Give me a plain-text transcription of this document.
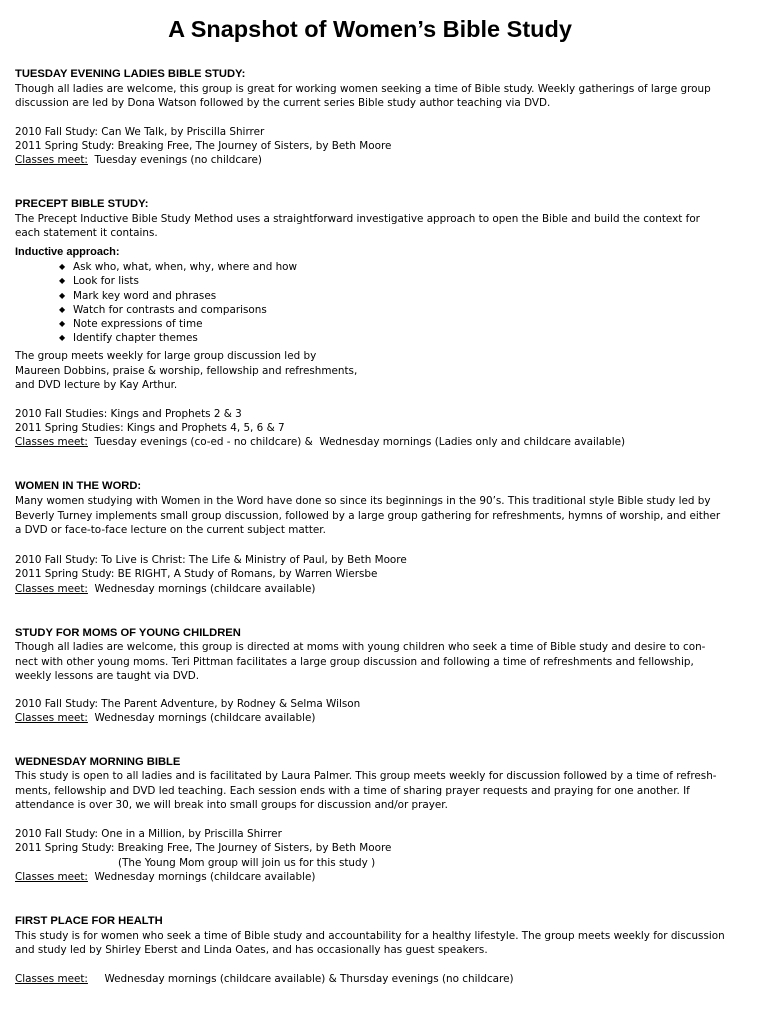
A Snapshot of Women’s Bible Study
TUESDAY EVENING LADIES BIBLE STUDY:
Though all ladies are welcome, this group is great for working women seeking a time of Bible study. Weekly gatherings of large group
discussion are led by Dona Watson followed by the current series Bible study author teaching via DVD.
2010 Fall Study: Can We Talk, by Priscilla Shirrer
2011 Spring Study: Breaking Free, The Journey of Sisters, by Beth Moore
Classes meet:  Tuesday evenings (no childcare)
PRECEPT BIBLE STUDY:
The Precept Inductive Bible Study Method uses a straightforward investigative approach to open the Bible and build the context for
each statement it contains.
Inductive approach:
◆ Ask who, what, when, why, where and how
◆ Look for lists
◆ Mark key word and phrases
◆ Watch for contrasts and comparisons
◆ Note expressions of time
◆ Identify chapter themes
The group meets weekly for large group discussion led by
Maureen Dobbins, praise & worship, fellowship and refreshments,
and DVD lecture by Kay Arthur.
2010 Fall Studies: Kings and Prophets 2 & 3
2011 Spring Studies: Kings and Prophets 4, 5, 6 & 7
Classes meet:  Tuesday evenings (co-ed - no childcare) &  Wednesday mornings (Ladies only and childcare available)
WOMEN IN THE WORD:
Many women studying with Women in the Word have done so since its beginnings in the 90’s. This traditional style Bible study led by
Beverly Turney implements small group discussion, followed by a large group gathering for refreshments, hymns of worship, and either
a DVD or face-to-face lecture on the current subject matter.
2010 Fall Study: To Live is Christ: The Life & Ministry of Paul, by Beth Moore
2011 Spring Study: BE RIGHT, A Study of Romans, by Warren Wiersbe
Classes meet:  Wednesday mornings (childcare available)
STUDY FOR MOMS OF YOUNG CHILDREN
Though all ladies are welcome, this group is directed at moms with young children who seek a time of Bible study and desire to con-
nect with other young moms. Teri Pittman facilitates a large group discussion and following a time of refreshments and fellowship,
weekly lessons are taught via DVD.
2010 Fall Study: The Parent Adventure, by Rodney & Selma Wilson
Classes meet:  Wednesday mornings (childcare available)
WEDNESDAY MORNING BIBLE
This study is open to all ladies and is facilitated by Laura Palmer. This group meets weekly for discussion followed by a time of refresh-
ments, fellowship and DVD led teaching. Each session ends with a time of sharing prayer requests and praying for one another. If
attendance is over 30, we will break into small groups for discussion and/or prayer.
2010 Fall Study: One in a Million, by Priscilla Shirrer
2011 Spring Study: Breaking Free, The Journey of Sisters, by Beth Moore
(The Young Mom group will join us for this study )
Classes meet:  Wednesday mornings (childcare available)
FIRST PLACE FOR HEALTH
This study is for women who seek a time of Bible study and accountability for a healthy lifestyle. The group meets weekly for discussion
and study led by Shirley Eberst and Linda Oates, and has occasionally has guest speakers.
Classes meet:     Wednesday mornings (childcare available) & Thursday evenings (no childcare)
